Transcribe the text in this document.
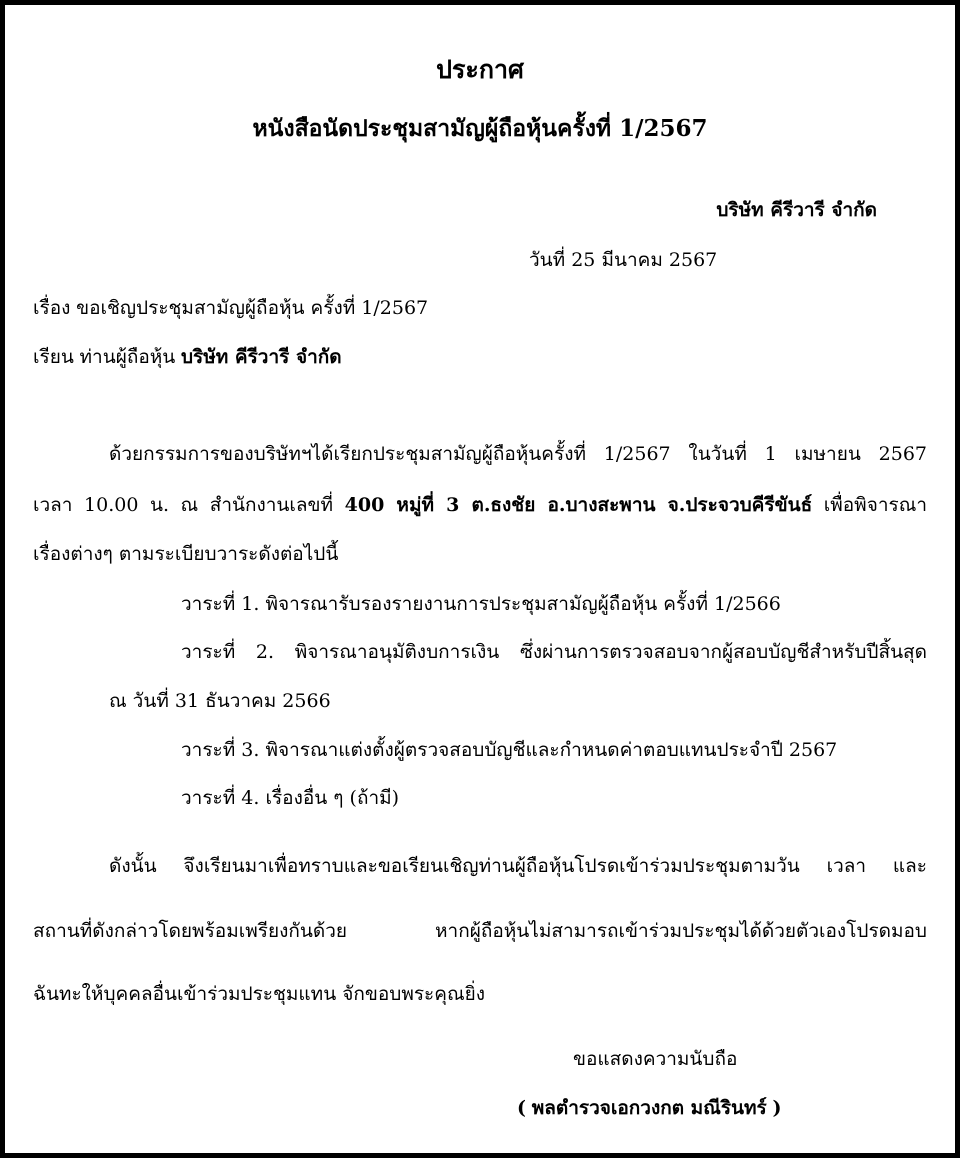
ประกาศ
หนังสือนัดประชุมสามัญผู้ถือหุ้นครั้งที่ 1/2567
บริษัท คีรีวารี จำกัด
วันที่ 25 มีนาคม 2567
เรื่อง ขอเชิญประชุมสามัญผู้ถือหุ้น ครั้งที่ 1/2567
เรียน ท่านผู้ถือหุ้น บริษัท คีรีวารี จำกัด
ด้วยกรรมการของบริษัทฯได้เรียกประชุมสามัญผู้ถือหุ้นครั้งที่ 1/2567 ในวันที่ 1 เมษายน 2567
เวลา 10.00 น. ณ สำนักงานเลขที่ 400 หมู่ที่ 3 ต.ธงชัย อ.บางสะพาน จ.ประจวบคีรีขันธ์ เพื่อพิจารณา
เรื่องต่างๆ ตามระเบียบวาระดังต่อไปนี้
วาระที่ 1. พิจารณารับรองรายงานการประชุมสามัญผู้ถือหุ้น ครั้งที่ 1/2566
วาระที่ 2. พิจารณาอนุมัติงบการเงิน ซึ่งผ่านการตรวจสอบจากผู้สอบบัญชีสำหรับปีสิ้นสุด
ณ วันที่ 31 ธันวาคม 2566
วาระที่ 3. พิจารณาแต่งตั้งผู้ตรวจสอบบัญชีและกำหนดค่าตอบแทนประจำปี 2567
วาระที่ 4. เรื่องอื่น ๆ (ถ้ามี)
ดังนั้น จึงเรียนมาเพื่อทราบและขอเรียนเชิญท่านผู้ถือหุ้นโปรดเข้าร่วมประชุมตามวัน เวลา และ
สถานที่ดังกล่าวโดยพร้อมเพรียงกันด้วย หากผู้ถือหุ้นไม่สามารถเข้าร่วมประชุมได้ด้วยตัวเองโปรดมอบ
ฉันทะให้บุคคลอื่นเข้าร่วมประชุมแทน จักขอบพระคุณยิ่ง
ขอแสดงความนับถือ
( พลตำรวจเอกวงกต มณีรินทร์ )
